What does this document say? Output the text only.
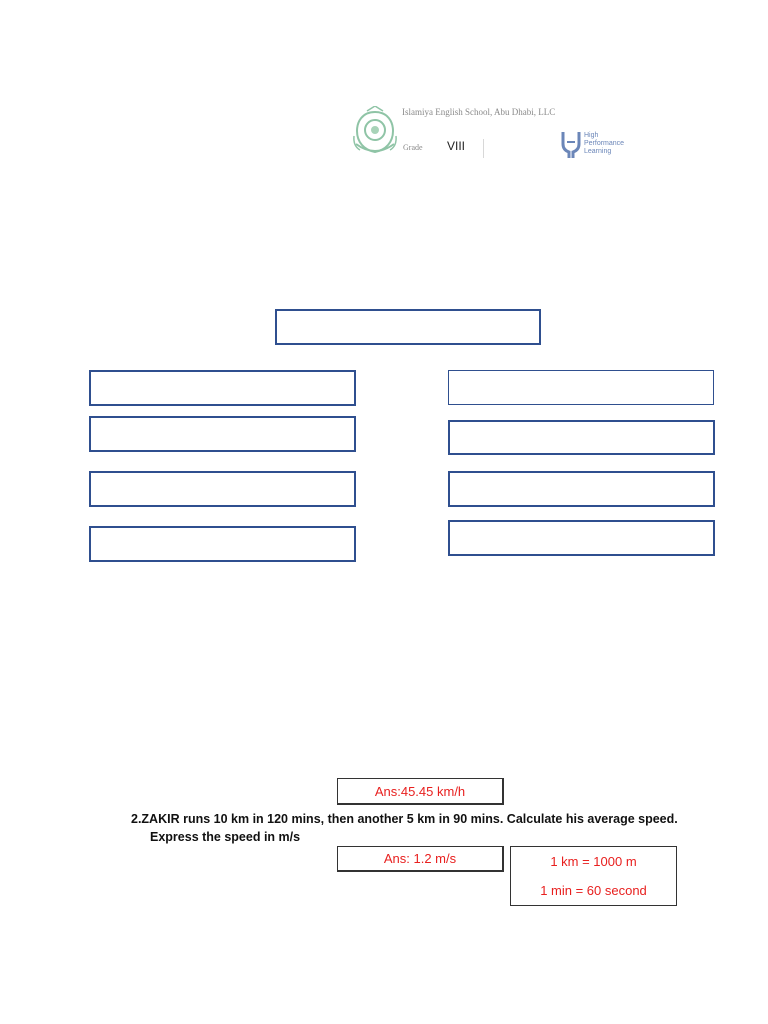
Islamiya English School, Abu Dhabi, LLC
Grade VIII
High
Performance
Learning
Ans:45.45 km/h
2.ZAKIR runs 10 km in 120 mins, then another 5 km in 90 mins. Calculate his average speed.
Express the speed in m/s
Ans: 1.2 m/s	1 km = 1000 m
1 min = 60 second
